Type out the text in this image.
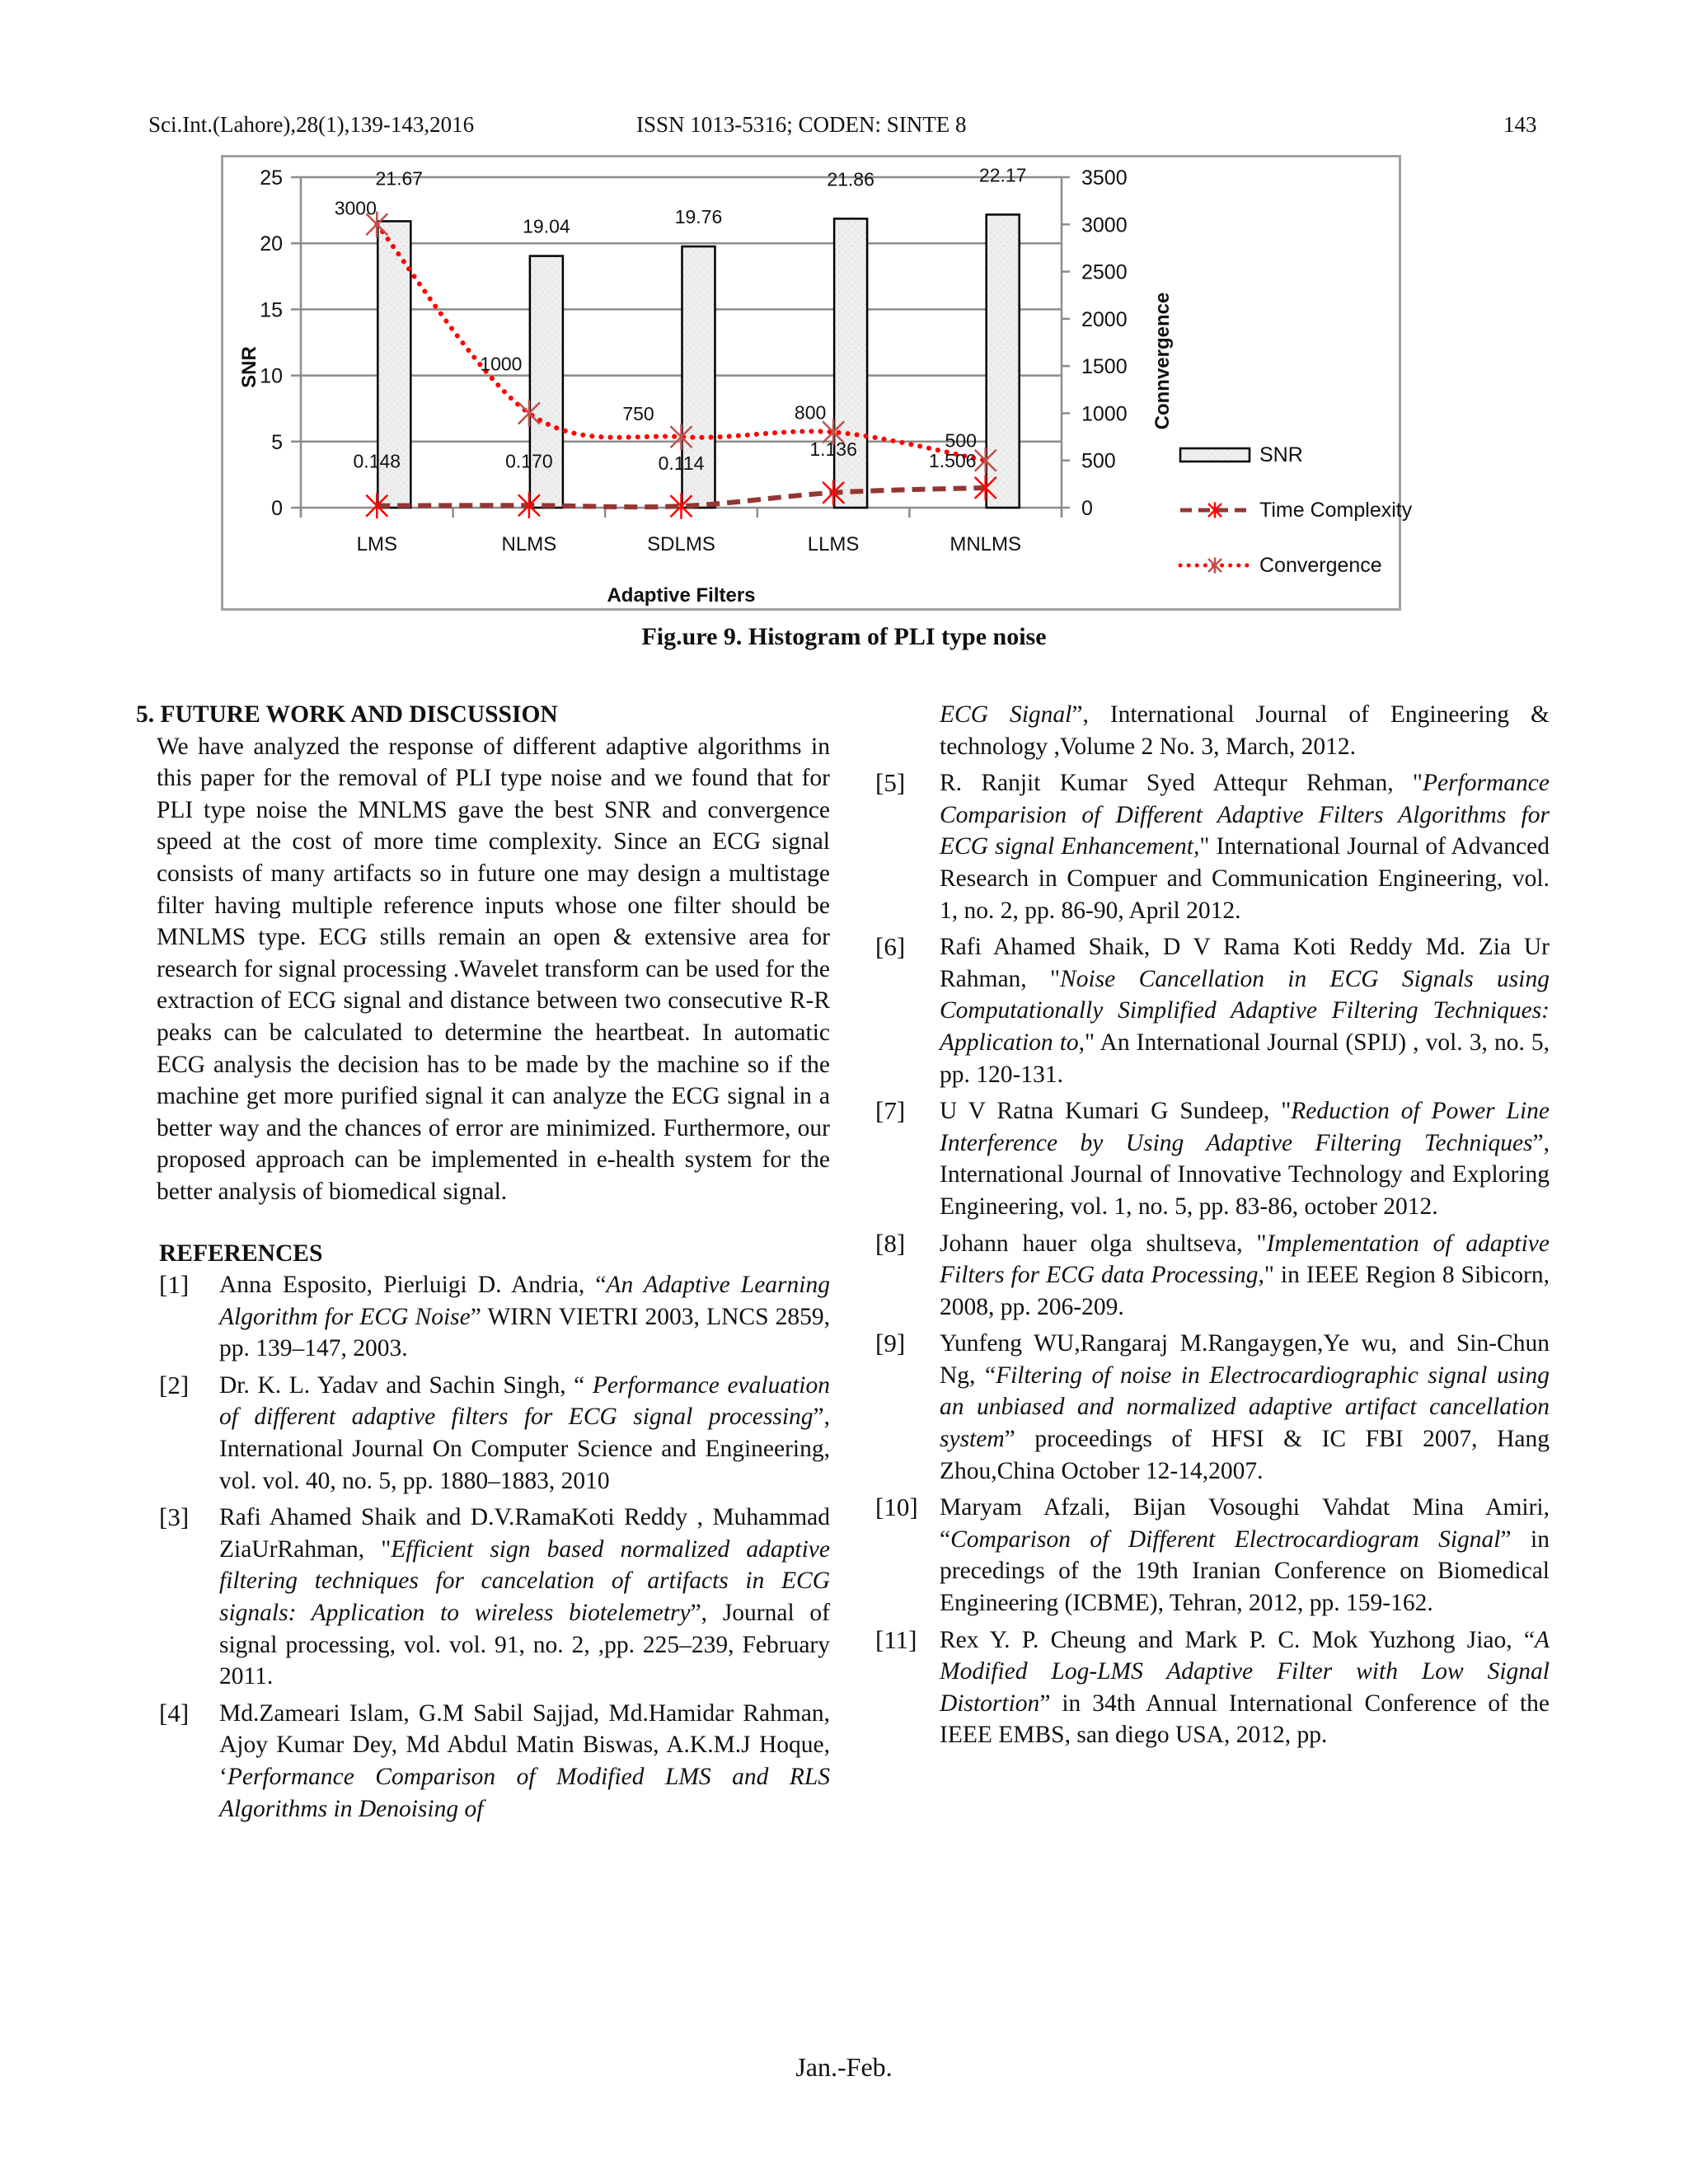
Sci.Int.(Lahore),28(1),139-143,2016	ISSN 1013-5316; CODEN: SINTE 8	143
0
5
10
15
20
25
0
500
1000
1500
2000
2500
3000
3500
LMS	NLMS	SDLMS	LLMS	MNLMS
Adaptive Filters
SNR	Connvergence
21.67
19.04	19.76
21.86	22.17
0.148	0.170	0.114
1.136
1.506
3000
1000
750	800
500
SNR
Time Complexity
Convergence
Fig.ure 9. Histogram of PLI type noise
5. FUTURE WORK AND DISCUSSION
We have analyzed the response of different adaptive algorithms in this paper for the removal of PLI type noise and we found that for PLI type noise the MNLMS gave the best SNR and convergence speed at the cost of more time complexity. Since an ECG signal consists of many artifacts so in future one may design a multistage filter having multiple reference inputs whose one filter should be MNLMS type. ECG stills remain an open & extensive area for research for signal processing .Wavelet transform can be used for the extraction of ECG signal and distance between two consecutive R-R peaks can be calculated to determine the heartbeat. In automatic ECG analysis the decision has to be made by the machine so if the machine get more purified signal it can analyze the ECG signal in a better way and the chances of error are minimized. Furthermore, our proposed approach can be implemented in e-health system for the better analysis of biomedical signal.
REFERENCES
[1] Anna Esposito, Pierluigi D. Andria, “An Adaptive Learning Algorithm for ECG Noise” WIRN VIETRI 2003, LNCS 2859, pp. 139–147, 2003.
[2] Dr. K. L. Yadav and Sachin Singh, “ Performance evaluation of different adaptive filters for ECG signal processing”, International Journal On Computer Science and Engineering, vol. vol. 40, no. 5, pp. 1880–1883, 2010
[3] Rafi Ahamed Shaik and D.V.RamaKoti Reddy , Muhammad ZiaUrRahman, "Efficient sign based normalized adaptive filtering techniques for cancelation of artifacts in ECG signals: Application to wireless biotelemetry”, Journal of signal processing, vol. vol. 91, no. 2, ,pp. 225–239, February 2011.
[4] Md.Zameari Islam, G.M Sabil Sajjad, Md.Hamidar Rahman, Ajoy Kumar Dey, Md Abdul Matin Biswas, A.K.M.J Hoque, ‘Performance Comparison of Modified LMS and RLS Algorithms in Denoising of
ECG Signal”, International Journal of Engineering & technology ,Volume 2 No. 3, March, 2012.
[5] R. Ranjit Kumar Syed Attequr Rehman, "Performance Comparision of Different Adaptive Filters Algorithms for ECG signal Enhancement," International Journal of Advanced Research in Compuer and Communication Engineering, vol. 1, no. 2, pp. 86-90, April 2012.
[6] Rafi Ahamed Shaik, D V Rama Koti Reddy Md. Zia Ur Rahman, "Noise Cancellation in ECG Signals using Computationally Simplified Adaptive Filtering Techniques: Application to," An International Journal (SPIJ) , vol. 3, no. 5, pp. 120-131.
[7] U V Ratna Kumari G Sundeep, "Reduction of Power Line Interference by Using Adaptive Filtering Techniques”, International Journal of Innovative Technology and Exploring Engineering, vol. 1, no. 5, pp. 83-86, october 2012.
[8] Johann hauer olga shultseva, "Implementation of adaptive Filters for ECG data Processing," in IEEE Region 8 Sibicorn, 2008, pp. 206-209.
[9] Yunfeng WU,Rangaraj M.Rangaygen,Ye wu, and Sin-Chun Ng, “Filtering of noise in Electrocardiographic signal using an unbiased and normalized adaptive artifact cancellation system” proceedings of HFSI & IC FBI 2007, Hang Zhou,China October 12-14,2007.
[10] Maryam Afzali, Bijan Vosoughi Vahdat Mina Amiri, “Comparison of Different Electrocardiogram Signal” in precedings of the 19th Iranian Conference on Biomedical Engineering (ICBME), Tehran, 2012, pp. 159-162.
[11] Rex Y. P. Cheung and Mark P. C. Mok Yuzhong Jiao, “A Modified Log-LMS Adaptive Filter with Low Signal Distortion” in 34th Annual International Conference of the IEEE EMBS, san diego USA, 2012, pp.
Jan.-Feb.
